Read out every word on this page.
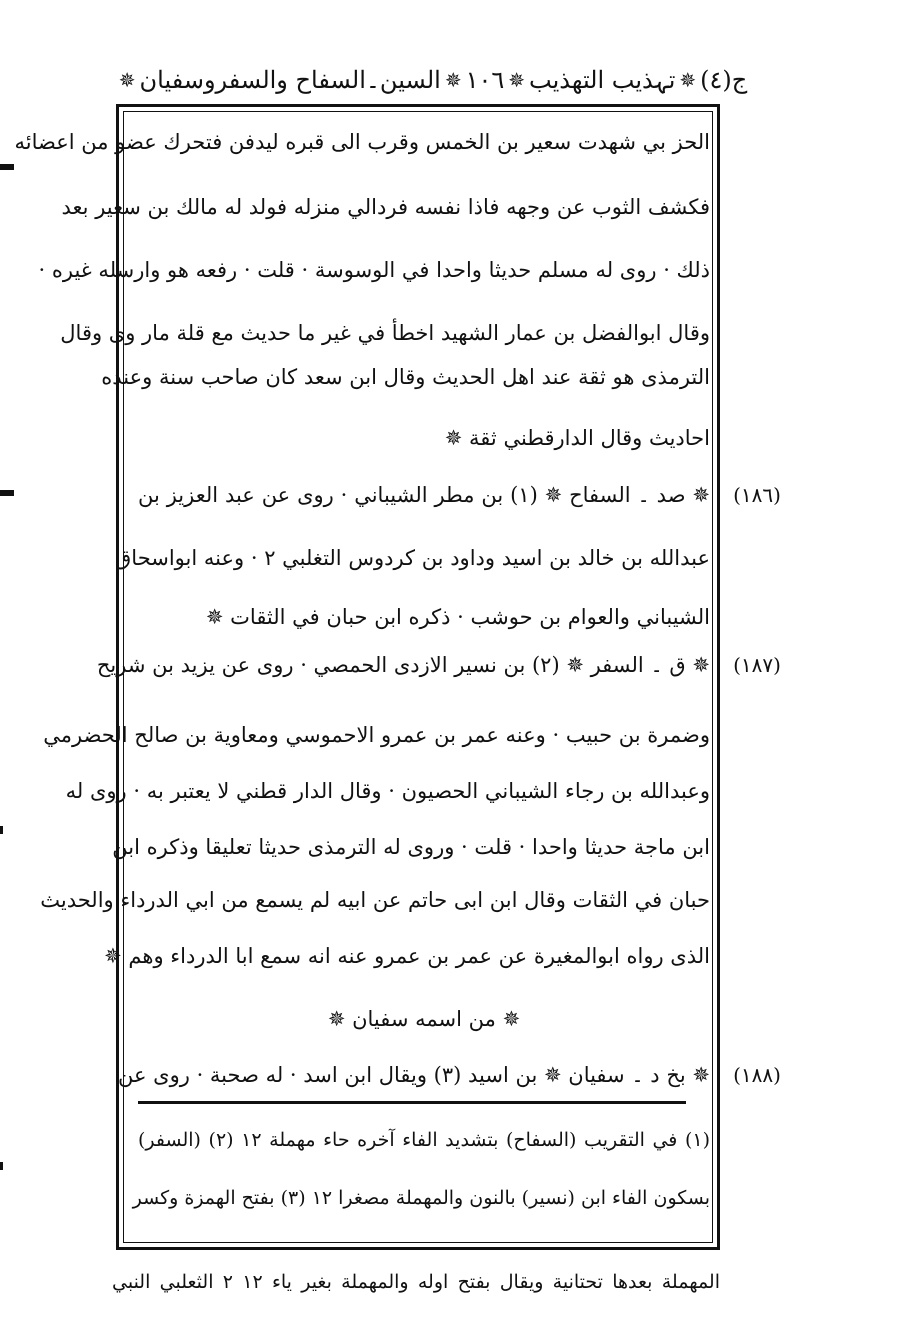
ج(٤)
✵
تہذیب التھذیب
✵
١٠٦
✵
السین۔السفاح والسفروسفیان
✵
الحز بي شهدت سعير بن الخمس وقرب الى قبره ليدفن فتحرك عضو من اعضائه
فكشف الثوب عن وجهه فاذا نفسه فردالي منزله فولد له مالك بن سعير بعد
ذلك · روى له مسلم حديثا واحدا في الوسوسة · قلت · رفعه هو وارسله غيره ·
وقال ابوالفضل بن عمار الشهيد اخطأ في غير ما حديث مع قلة مار وى وقال
الترمذى هو ثقة عند اهل الحديث وقال ابن سعد كان صاحب سنة وعنده
احاديث وقال الدارقطني ثقة ✵
(١٨٦)
✵ صد ۔ السفاح ✵ (١) بن مطر الشيباني · روى عن عبد العزيز بن
عبدالله بن خالد بن اسيد وداود بن كردوس التغلبي ٢ · وعنه ابواسحاق
الشيباني والعوام بن حوشب · ذكره ابن حبان في الثقات ✵
(١٨٧)
✵ ق ۔ السفر ✵ (٢) بن نسير الازدى الحمصي · روى عن يزيد بن شريح
وضمرة بن حبيب · وعنه عمر بن عمرو الاحموسي ومعاوية بن صالح الحضرمي
وعبدالله بن رجاء الشيباني الحصيون · وقال الدار قطني لا يعتبر به · روى له
ابن ماجة حديثا واحدا · قلت · وروى له الترمذى حديثا تعليقا وذكره ابن
حبان في الثقات وقال ابن ابى حاتم عن ابيه لم يسمع من ابي الدرداء والحديث
الذى رواه ابوالمغيرة عن عمر بن عمرو عنه انه سمع ابا الدرداء وهم ✵
✵ من اسمه سفيان ✵
(١٨٨)
✵ بخ د ۔ سفيان ✵ بن اسيد (٣) ويقال ابن اسد · له صحبة · روى عن
(١) في التقريب (السفاح) بتشديد الفاء آخره حاء مهملة ١٢ (٢) (السفر)
بسكون الفاء ابن (نسير) بالنون والمهملة مصغرا ١٢ (٣) بفتح الهمزة وكسر
المهملة بعدها تحتانية ويقال بفتح اوله والمهملة بغير ياء ١٢ ٢ الثعلبي النبي
